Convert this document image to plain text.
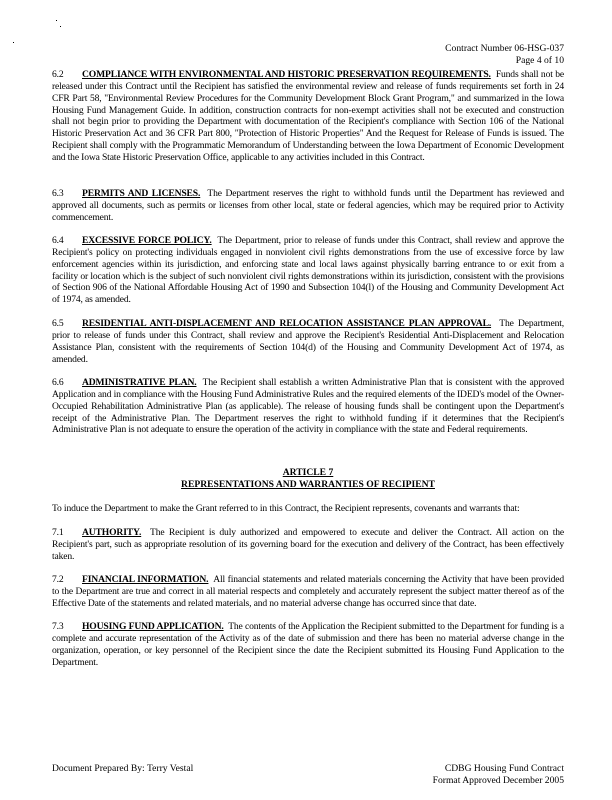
Contract Number 06-HSG-037
Page 4 of 10
6.2 COMPLIANCE WITH ENVIRONMENTAL AND HISTORIC PRESERVATION REQUIREMENTS. Funds shall not be released under this Contract until the Recipient has satisfied the environmental review and release of funds requirements set forth in 24 CFR Part 58, "Environmental Review Procedures for the Community Development Block Grant Program," and summarized in the Iowa Housing Fund Management Guide. In addition, construction contracts for non-exempt activities shall not be executed and construction shall not begin prior to providing the Department with documentation of the Recipient's compliance with Section 106 of the National Historic Preservation Act and 36 CFR Part 800, "Protection of Historic Properties" And the Request for Release of Funds is issued. The Recipient shall comply with the Programmatic Memorandum of Understanding between the Iowa Department of Economic Development and the Iowa State Historic Preservation Office, applicable to any activities included in this Contract.
6.3 PERMITS AND LICENSES. The Department reserves the right to withhold funds until the Department has reviewed and approved all documents, such as permits or licenses from other local, state or federal agencies, which may be required prior to Activity commencement.
6.4 EXCESSIVE FORCE POLICY. The Department, prior to release of funds under this Contract, shall review and approve the Recipient's policy on protecting individuals engaged in nonviolent civil rights demonstrations from the use of excessive force by law enforcement agencies within its jurisdiction, and enforcing state and local laws against physically barring entrance to or exit from a facility or location which is the subject of such nonviolent civil rights demonstrations within its jurisdiction, consistent with the provisions of Section 906 of the National Affordable Housing Act of 1990 and Subsection 104(l) of the Housing and Community Development Act of 1974, as amended.
6.5 RESIDENTIAL ANTI-DISPLACEMENT AND RELOCATION ASSISTANCE PLAN APPROVAL. The Department, prior to release of funds under this Contract, shall review and approve the Recipient's Residential Anti-Displacement and Relocation Assistance Plan, consistent with the requirements of Section 104(d) of the Housing and Community Development Act of 1974, as amended.
6.6 ADMINISTRATIVE PLAN. The Recipient shall establish a written Administrative Plan that is consistent with the approved Application and in compliance with the Housing Fund Administrative Rules and the required elements of the IDED's model of the Owner-Occupied Rehabilitation Administrative Plan (as applicable). The release of housing funds shall be contingent upon the Department's receipt of the Administrative Plan. The Department reserves the right to withhold funding if it determines that the Recipient's Administrative Plan is not adequate to ensure the operation of the activity in compliance with the state and Federal requirements.
ARTICLE 7
REPRESENTATIONS AND WARRANTIES OF RECIPIENT
To induce the Department to make the Grant referred to in this Contract, the Recipient represents, covenants and warrants that:
7.1 AUTHORITY. The Recipient is duly authorized and empowered to execute and deliver the Contract. All action on the Recipient's part, such as appropriate resolution of its governing board for the execution and delivery of the Contract, has been effectively taken.
7.2 FINANCIAL INFORMATION. All financial statements and related materials concerning the Activity that have been provided to the Department are true and correct in all material respects and completely and accurately represent the subject matter thereof as of the Effective Date of the statements and related materials, and no material adverse change has occurred since that date.
7.3 HOUSING FUND APPLICATION. The contents of the Application the Recipient submitted to the Department for funding is a complete and accurate representation of the Activity as of the date of submission and there has been no material adverse change in the organization, operation, or key personnel of the Recipient since the date the Recipient submitted its Housing Fund Application to the Department.
Document Prepared By: Terry Vestal	CDBG Housing Fund Contract
Format Approved December 2005
